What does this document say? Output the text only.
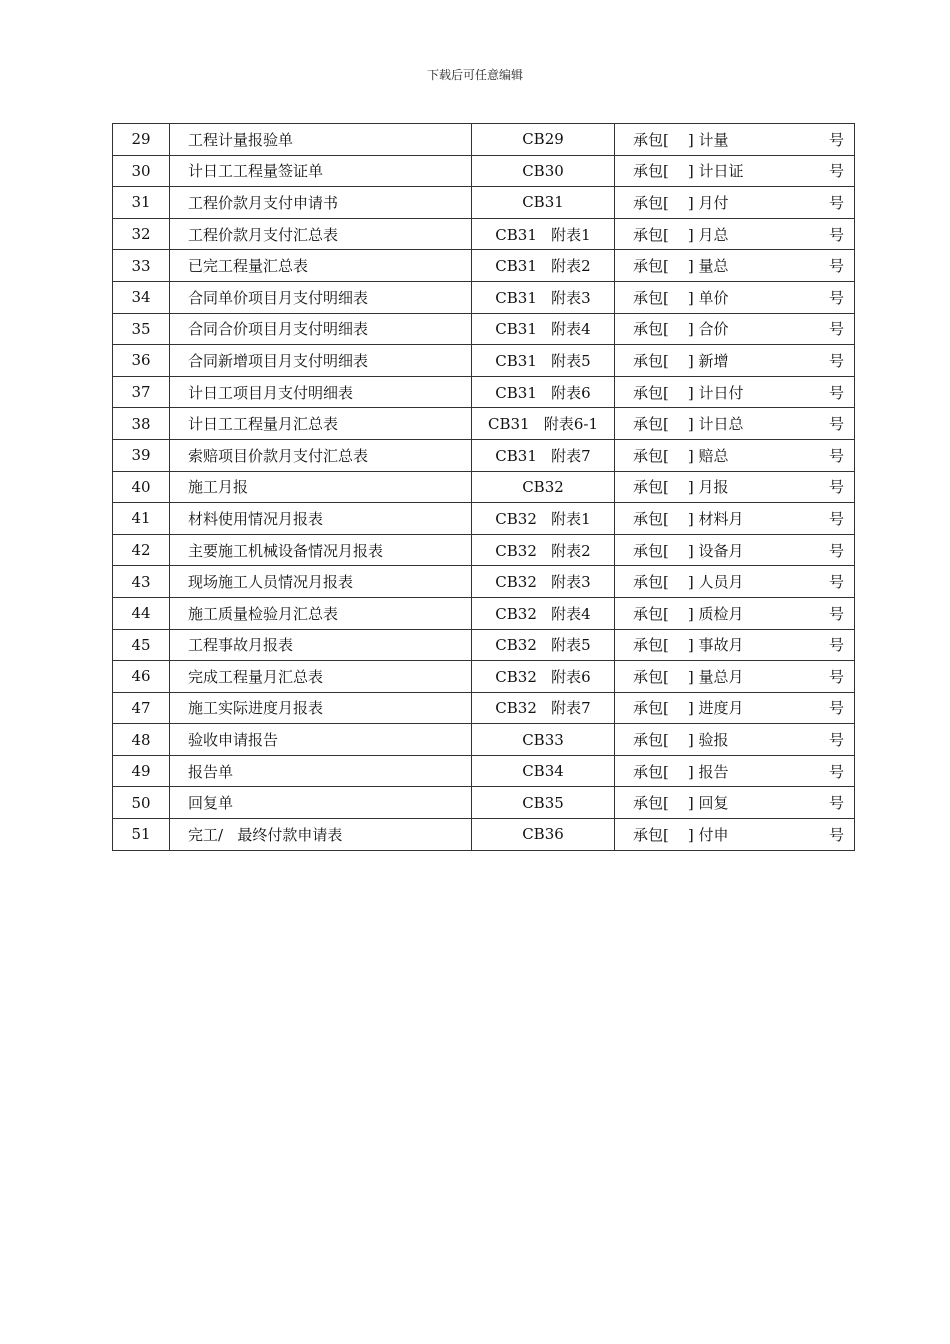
下载后可任意编辑
29	工程计量报验单	CB29	承包[    ] 计量 号

30	计日工工程量签证单	CB30	承包[    ] 计日证 号

31	工程价款月支付申请书	CB31	承包[    ] 月付 号

32	工程价款月支付汇总表	CB31   附表1	承包[    ] 月总 号

33	已完工程量汇总表	CB31   附表2	承包[    ] 量总 号

34	合同单价项目月支付明细表	CB31   附表3	承包[    ] 单价 号

35	合同合价项目月支付明细表	CB31   附表4	承包[    ] 合价 号

36	合同新增项目月支付明细表	CB31   附表5	承包[    ] 新增 号

37	计日工项目月支付明细表	CB31   附表6	承包[    ] 计日付 号

38	计日工工程量月汇总表	CB31   附表6-1	承包[    ] 计日总 号

39	索赔项目价款月支付汇总表	CB31   附表7	承包[    ] 赔总 号

40	施工月报	CB32	承包[    ] 月报 号

41	材料使用情况月报表	CB32   附表1	承包[    ] 材料月 号

42	主要施工机械设备情况月报表	CB32   附表2	承包[    ] 设备月 号

43	现场施工人员情况月报表	CB32   附表3	承包[    ] 人员月 号

44	施工质量检验月汇总表	CB32   附表4	承包[    ] 质检月 号

45	工程事故月报表	CB32   附表5	承包[    ] 事故月 号

46	完成工程量月汇总表	CB32   附表6	承包[    ] 量总月 号

47	施工实际进度月报表	CB32   附表7	承包[    ] 进度月 号

48	验收申请报告	CB33	承包[    ] 验报 号

49	报告单	CB34	承包[    ] 报告 号

50	回复单	CB35	承包[    ] 回复 号

51	完工/   最终付款申请表	CB36	承包[    ] 付申 号
